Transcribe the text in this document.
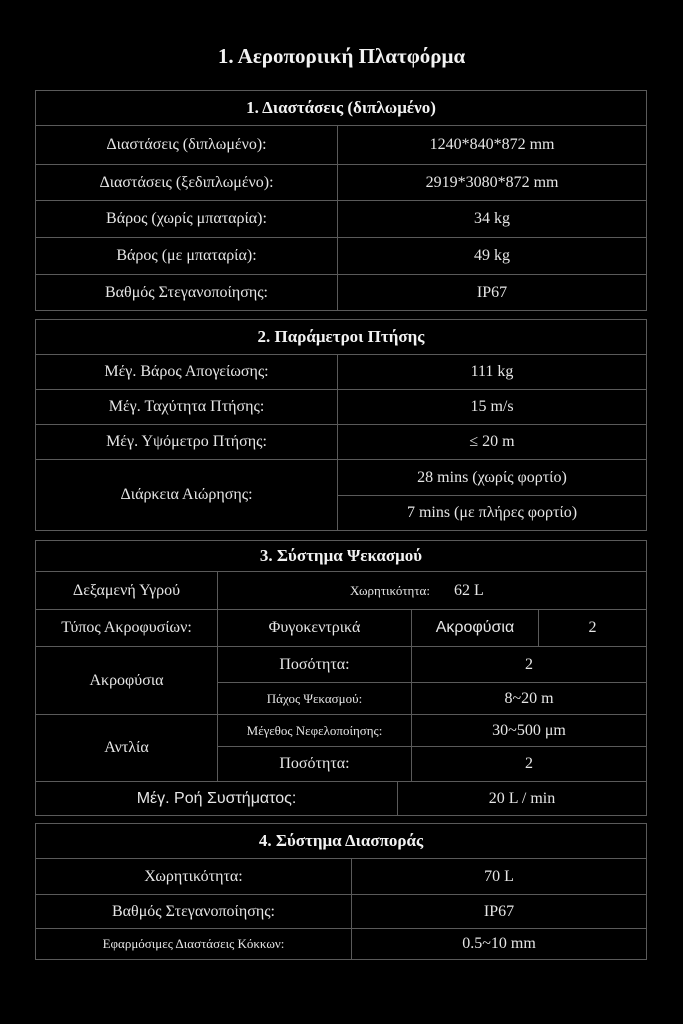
1. Αεροποριική Πλατφόρμα
1. Διαστάσεις (διπλωμένο)	
Διαστάσεις (διπλωμένο):	1240*840*872 mm
Διαστάσεις (ξεδιπλωμένο):	2919*3080*872 mm
Βάρος (χωρίς μπαταρία):	34 kg
Βάρος (με μπαταρία):	49 kg
Βαθμός Στεγανοποίησης:	IP67
2. Παράμετροι Πτήσης	
Μέγ. Βάρος Απογείωσης:	111 kg
Μέγ. Ταχύτητα Πτήσης:	15 m/s
Μέγ. Υψόμετρο Πτήσης:	≤ 20 m
Διάρκεια Αιώρησης:	28 mins (χωρίς φορτίο)
	7 mins (με πλήρες φορτίο)
3. Σύστημα Ψεκασμού				
Δεξαμενή Υγρού	Χωρητικότητα: 62 L			
Τύπος Ακροφυσίων:	Φυγοκεντρικά		Ακροφύσια	2
Ακροφύσια	Ποσότητα:		2	
	Πάχος Ψεκασμού:		8~20 m	
Αντλία	Μέγεθος Νεφελοποίησης:		30~500 μm	
	Ποσότητα:		2	
Μέγ. Ροή Συστήματος:		20 L / min		
4. Σύστημα Διασποράς	
Χωρητικότητα:	70 L
Βαθμός Στεγανοποίησης:	IP67
Εφαρμόσιμες Διαστάσεις Κόκκων:	0.5~10 mm
